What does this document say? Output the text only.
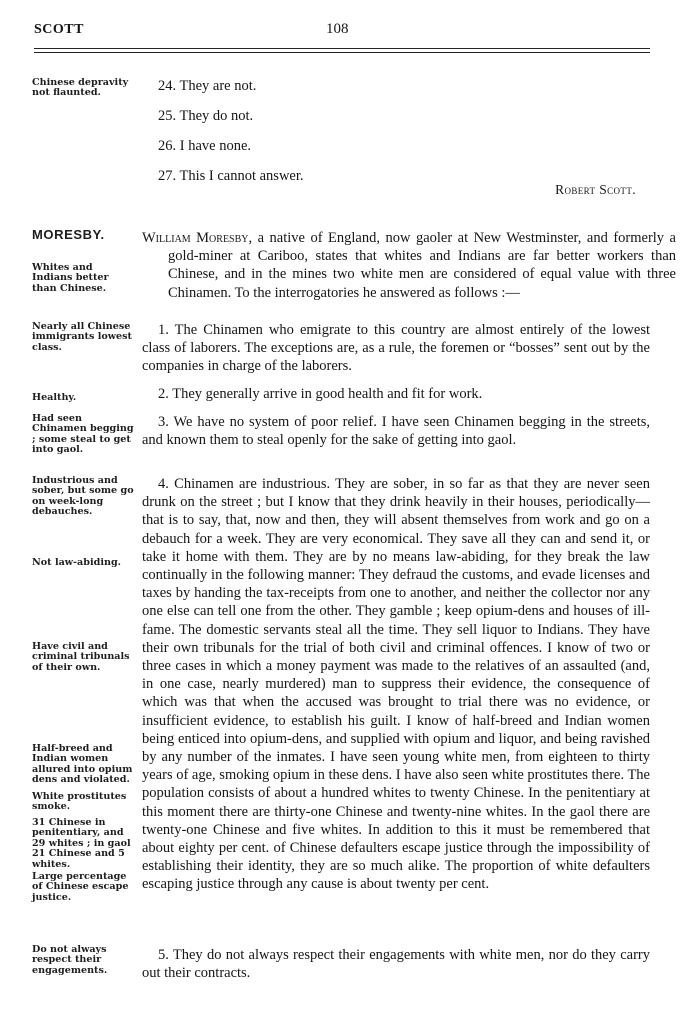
SCOTT	108
Chinese depravity not flaunted.	24. They are not.
25. They do not.
26. I have none.
27. This I cannot answer.
Robert Scott.
MORESBY.	William Moresby, a native of England, now gaoler at New Westminster, and formerly a gold-miner at Cariboo, states that whites and Indians are far better workers than Chinese, and in the mines two white men are considered of equal value with three Chinamen. To the interrogatories he answered as follows :—
Whites and Indians better than Chinese.
Nearly all Chinese immigrants lowest class.
1. The Chinamen who emigrate to this country are almost entirely of the lowest class of laborers. The exceptions are, as a rule, the foremen or “bosses” sent out by the companies in charge of the laborers.
Healthy.	2. They generally arrive in good health and fit for work.
Had seen Chinamen begging ; some steal to get into gaol.
3. We have no system of poor relief. I have seen Chinamen begging in the streets, and known them to steal openly for the sake of getting into gaol.
Industrious and sober, but some go on week-long debauches.
Not law-abiding.
Have civil and criminal tribunals of their own.
Half-breed and Indian women allured into opium dens and violated.
White prostitutes smoke.
31 Chinese in penitentiary, and 29 whites ; in gaol 21 Chinese and 5 whites.
Large percentage of Chinese escape justice.
4. Chinamen are industrious. They are sober, in so far as that they are never seen drunk on the street ; but I know that they drink heavily in their houses, periodically—that is to say, that, now and then, they will absent themselves from work and go on a debauch for a week. They are very economical. They save all they can and send it, or take it home with them. They are by no means law-abiding, for they break the law continually in the following manner: They defraud the customs, and evade licenses and taxes by handing the tax-receipts from one to another, and neither the collector nor any one else can tell one from the other. They gamble ; keep opium-dens and houses of ill-fame. The domestic servants steal all the time. They sell liquor to Indians. They have their own tribunals for the trial of both civil and criminal offences. I know of two or three cases in which a money payment was made to the relatives of an assaulted (and, in one case, nearly murdered) man to suppress their evidence, the consequence of which was that when the accused was brought to trial there was no evidence, or insufficient evidence, to establish his guilt. I know of half-breed and Indian women being enticed into opium-dens, and supplied with opium and liquor, and being ravished by any number of the inmates. I have seen young white men, from eighteen to thirty years of age, smoking opium in these dens. I have also seen white prostitutes there. The population consists of about a hundred whites to twenty Chinese. In the penitentiary at this moment there are thirty-one Chinese and twenty-nine whites. In the gaol there are twenty-one Chinese and five whites. In addition to this it must be remembered that about eighty per cent. of Chinese defaulters escape justice through the impossibility of establishing their identity, they are so much alike. The proportion of white defaulters escaping justice through any cause is about twenty per cent.
Do not always respect their engagements.
5. They do not always respect their engagements with white men, nor do they carry out their contracts.
